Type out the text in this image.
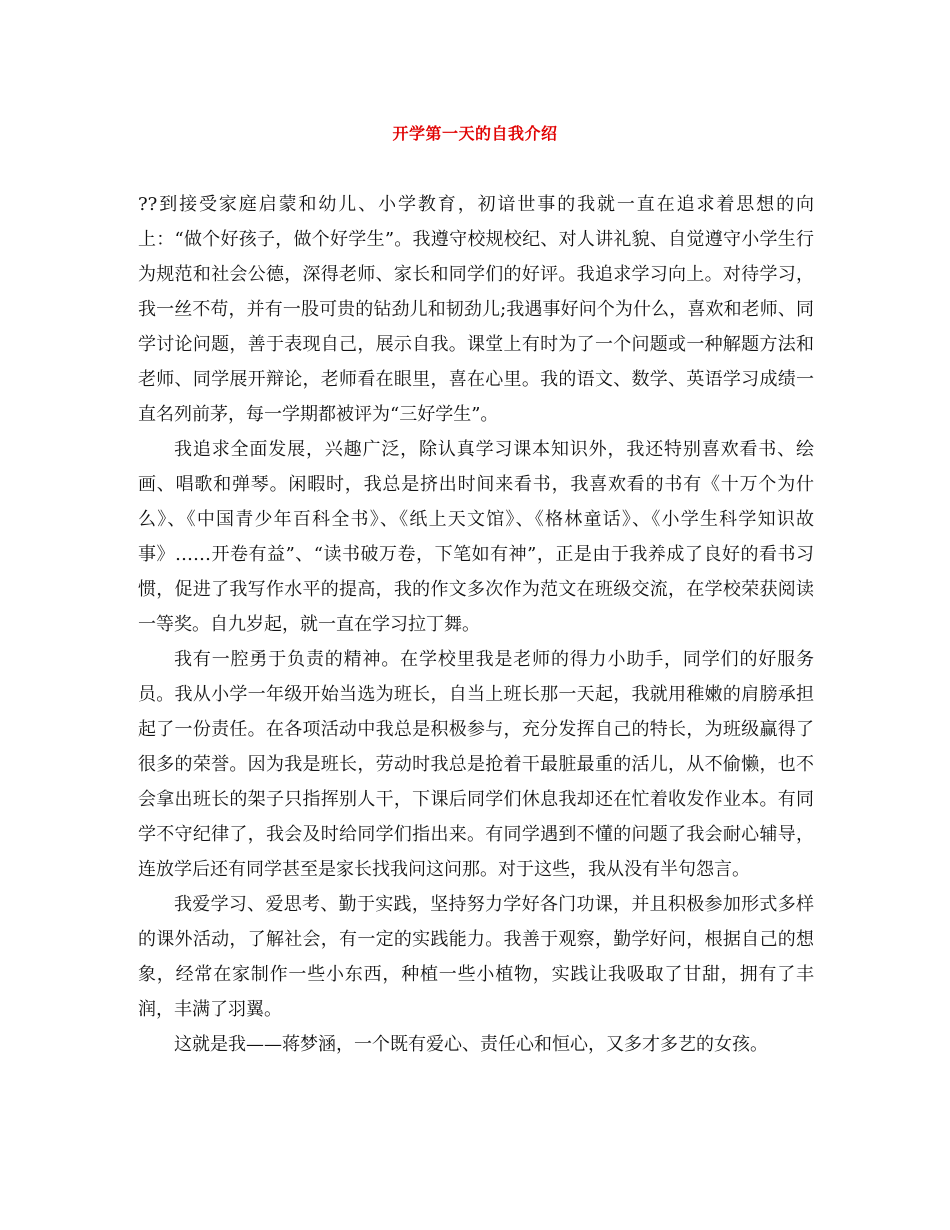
开学第一天的自我介绍

??到接受家庭启蒙和幼儿、小学教育，初谙世事的我就一直在追求着思想的向上：“做个好孩子，做个好学生”。我遵守校规校纪、对人讲礼貌、自觉遵守小学生行为规范和社会公德，深得老师、家长和同学们的好评。我追求学习向上。对待学习，我一丝不苟，并有一股可贵的钻劲儿和韧劲儿;我遇事好问个为什么，喜欢和老师、同学讨论问题，善于表现自己，展示自我。课堂上有时为了一个问题或一种解题方法和老师、同学展开辩论，老师看在眼里，喜在心里。我的语文、数学、英语学习成绩一直名列前茅，每一学期都被评为“三好学生”。

我追求全面发展，兴趣广泛，除认真学习课本知识外，我还特别喜欢看书、绘画、唱歌和弹琴。闲暇时，我总是挤出时间来看书，我喜欢看的书有《十万个为什么》、《中国青少年百科全书》、《纸上天文馆》、《格林童话》、《小学生科学知识故事》……开卷有益”、“读书破万卷，下笔如有神”，正是由于我养成了良好的看书习惯，促进了我写作水平的提高，我的作文多次作为范文在班级交流，在学校荣获阅读一等奖。自九岁起，就一直在学习拉丁舞。

我有一腔勇于负责的精神。在学校里我是老师的得力小助手，同学们的好服务员。我从小学一年级开始当选为班长，自当上班长那一天起，我就用稚嫩的肩膀承担起了一份责任。在各项活动中我总是积极参与，充分发挥自己的特长，为班级赢得了很多的荣誉。因为我是班长，劳动时我总是抢着干最脏最重的活儿，从不偷懒，也不会拿出班长的架子只指挥别人干，下课后同学们休息我却还在忙着收发作业本。有同学不守纪律了，我会及时给同学们指出来。有同学遇到不懂的问题了我会耐心辅导，连放学后还有同学甚至是家长找我问这问那。对于这些，我从没有半句怨言。

我爱学习、爱思考、勤于实践，坚持努力学好各门功课，并且积极参加形式多样的课外活动，了解社会，有一定的实践能力。我善于观察，勤学好问，根据自己的想象，经常在家制作一些小东西，种植一些小植物，实践让我吸取了甘甜，拥有了丰润，丰满了羽翼。

这就是我——蒋梦涵，一个既有爱心、责任心和恒心，又多才多艺的女孩。
